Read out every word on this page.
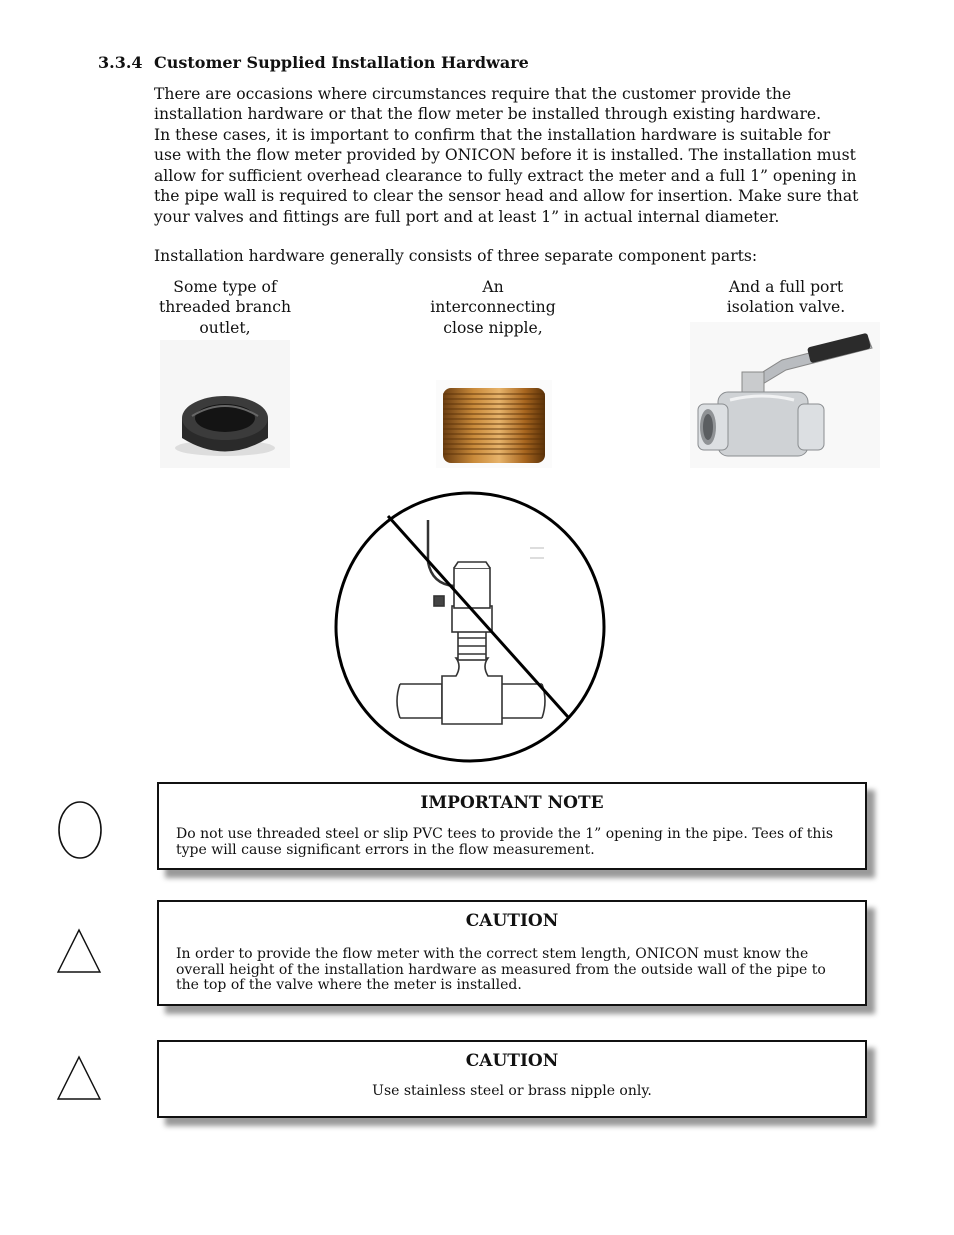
3.3.4 Customer Supplied Installation Hardware

There are occasions where circumstances require that the customer provide the installation hardware or that the flow meter be installed through existing hardware.

In these cases, it is important to confirm that the installation hardware is suitable for use with the flow meter provided by ONICON before it is installed. The installation must allow for sufficient overhead clearance to fully extract the meter and a full 1” opening in the pipe wall is required to clear the sensor head and allow for insertion. Make sure that your valves and fittings are full port and at least 1” in actual internal diameter.

Installation hardware generally consists of three separate component parts:

Some type of threaded branch outlet,
An interconnecting close nipple,
And a full port isolation valve.
IMPORTANT NOTE
Do not use threaded steel or slip PVC tees to provide the 1” opening in the pipe. Tees of this type will cause significant errors in the flow measurement.
CAUTION
In order to provide the flow meter with the correct stem length, ONICON must know the overall height of the installation hardware as measured from the outside wall of the pipe to the top of the valve where the meter is installed.
CAUTION
Use stainless steel or brass nipple only.
